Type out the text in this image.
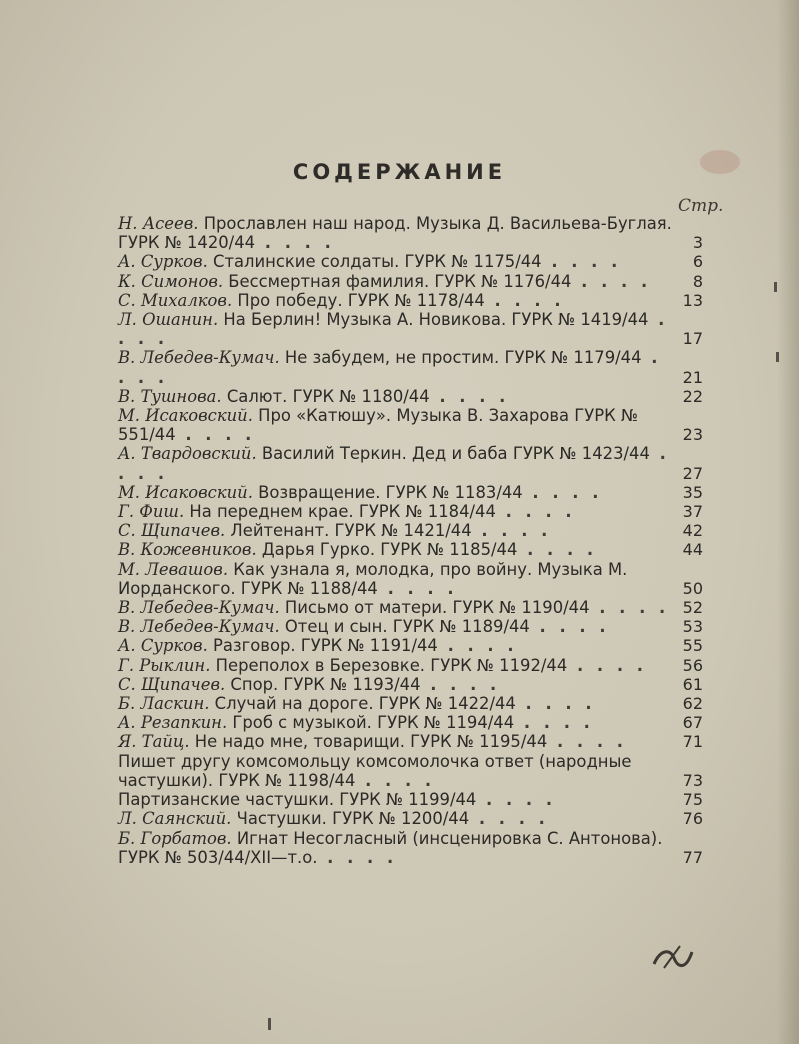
СОДЕРЖАНИЕ
Стр.
Н. Асеев. Прославлен наш народ. Музыка Д. Васильева-Буглая. ГУРК № 1420/44 . . . .	3
А. Сурков. Сталинские солдаты. ГУРК № 1175/44 . . . .	6
К. Симонов. Бессмертная фамилия. ГУРК № 1176/44 . . . .	8
С. Михалков. Про победу. ГУРК № 1178/44 . . . .	13
Л. Ошанин. На Берлин! Музыка А. Новикова. ГУРК № 1419/44 . . . .	17
В. Лебедев-Кумач. Не забудем, не простим. ГУРК № 1179/44 . . . .	21
В. Тушнова. Салют. ГУРК № 1180/44 . . . .	22
М. Исаковский. Про «Катюшу». Музыка В. Захарова ГУРК № 551/44 . . . .	23
А. Твардовский. Василий Теркин. Дед и баба ГУРК № 1423/44 . . . .	27
М. Исаковский. Возвращение. ГУРК № 1183/44 . . . .	35
Г. Фиш. На переднем крае. ГУРК № 1184/44 . . . .	37
С. Щипачев. Лейтенант. ГУРК № 1421/44 . . . .	42
В. Кожевников. Дарья Гурко. ГУРК № 1185/44 . . . .	44
М. Левашов. Как узнала я, молодка, про войну. Музыка М. Иорданского. ГУРК № 1188/44 . . . .	50
В. Лебедев-Кумач. Письмо от матери. ГУРК № 1190/44 . . . . 52
В. Лебедев-Кумач. Отец и сын. ГУРК № 1189/44 . . . .	53
А. Сурков. Разговор. ГУРК № 1191/44 . . . .	55
Г. Рыклин. Переполох в Березовке. ГУРК № 1192/44 . . . . 56
С. Щипачев. Спор. ГУРК № 1193/44 . . . .	61
Б. Ласкин. Случай на дороге. ГУРК № 1422/44 . . . .	62
А. Резапкин. Гроб с музыкой. ГУРК № 1194/44 . . . .	67
Я. Тайц. Не надо мне, товарищи. ГУРК № 1195/44 . . . .	71
Пишет другу комсомольцу комсомолочка ответ (народные частушки). ГУРК № 1198/44 . . . .	73
Партизанские частушки. ГУРК № 1199/44 . . . .	75
Л. Саянский. Частушки. ГУРК № 1200/44 . . . .	76
Б. Горбатов. Игнат Несогласный (инсценировка С. Антонова). ГУРК № 503/44/XII—т.о. . . . .	77
